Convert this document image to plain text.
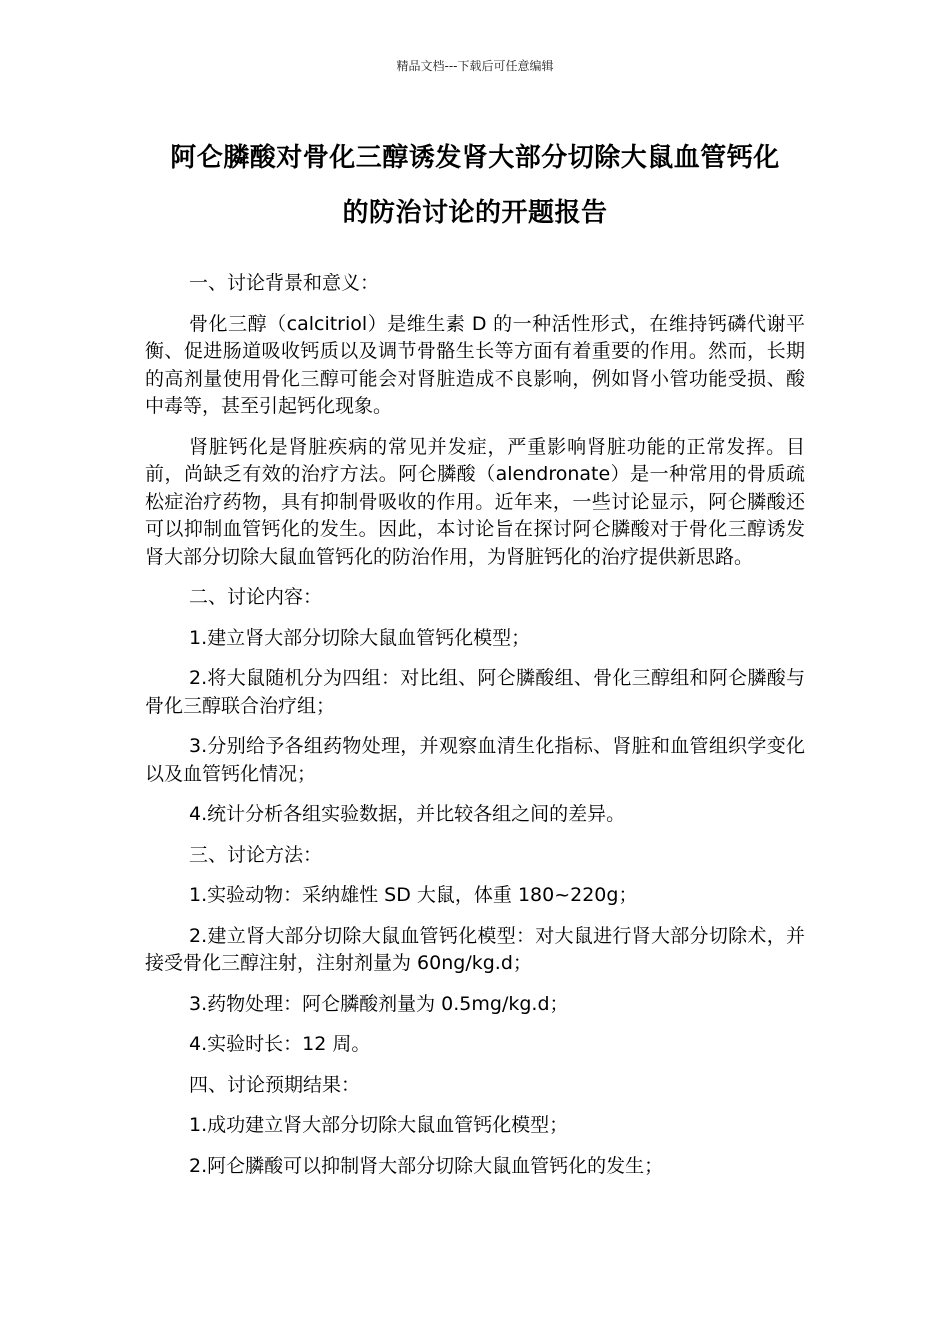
精品文档---下载后可任意编辑
阿仑膦酸对骨化三醇诱发肾大部分切除大鼠血管钙化
的防治讨论的开题报告

一、讨论背景和意义：

骨化三醇（calcitriol）是维生素 D 的一种活性形式，在维持钙磷代谢平衡、促进肠道吸收钙质以及调节骨骼生长等方面有着重要的作用。然而，长期的高剂量使用骨化三醇可能会对肾脏造成不良影响，例如肾小管功能受损、酸中毒等，甚至引起钙化现象。

肾脏钙化是肾脏疾病的常见并发症，严重影响肾脏功能的正常发挥。目前，尚缺乏有效的治疗方法。阿仑膦酸（alendronate）是一种常用的骨质疏松症治疗药物，具有抑制骨吸收的作用。近年来，一些讨论显示，阿仑膦酸还可以抑制血管钙化的发生。因此，本讨论旨在探讨阿仑膦酸对于骨化三醇诱发肾大部分切除大鼠血管钙化的防治作用，为肾脏钙化的治疗提供新思路。

二、讨论内容：

1.建立肾大部分切除大鼠血管钙化模型；

2.将大鼠随机分为四组：对比组、阿仑膦酸组、骨化三醇组和阿仑膦酸与骨化三醇联合治疗组；

3.分别给予各组药物处理，并观察血清生化指标、肾脏和血管组织学变化以及血管钙化情况；

4.统计分析各组实验数据，并比较各组之间的差异。

三、讨论方法：

1.实验动物：采纳雄性 SD 大鼠，体重 180~220g；

2.建立肾大部分切除大鼠血管钙化模型：对大鼠进行肾大部分切除术，并接受骨化三醇注射，注射剂量为 60ng/kg.d；

3.药物处理：阿仑膦酸剂量为 0.5mg/kg.d；

4.实验时长：12 周。

四、讨论预期结果：

1.成功建立肾大部分切除大鼠血管钙化模型；

2.阿仑膦酸可以抑制肾大部分切除大鼠血管钙化的发生；
